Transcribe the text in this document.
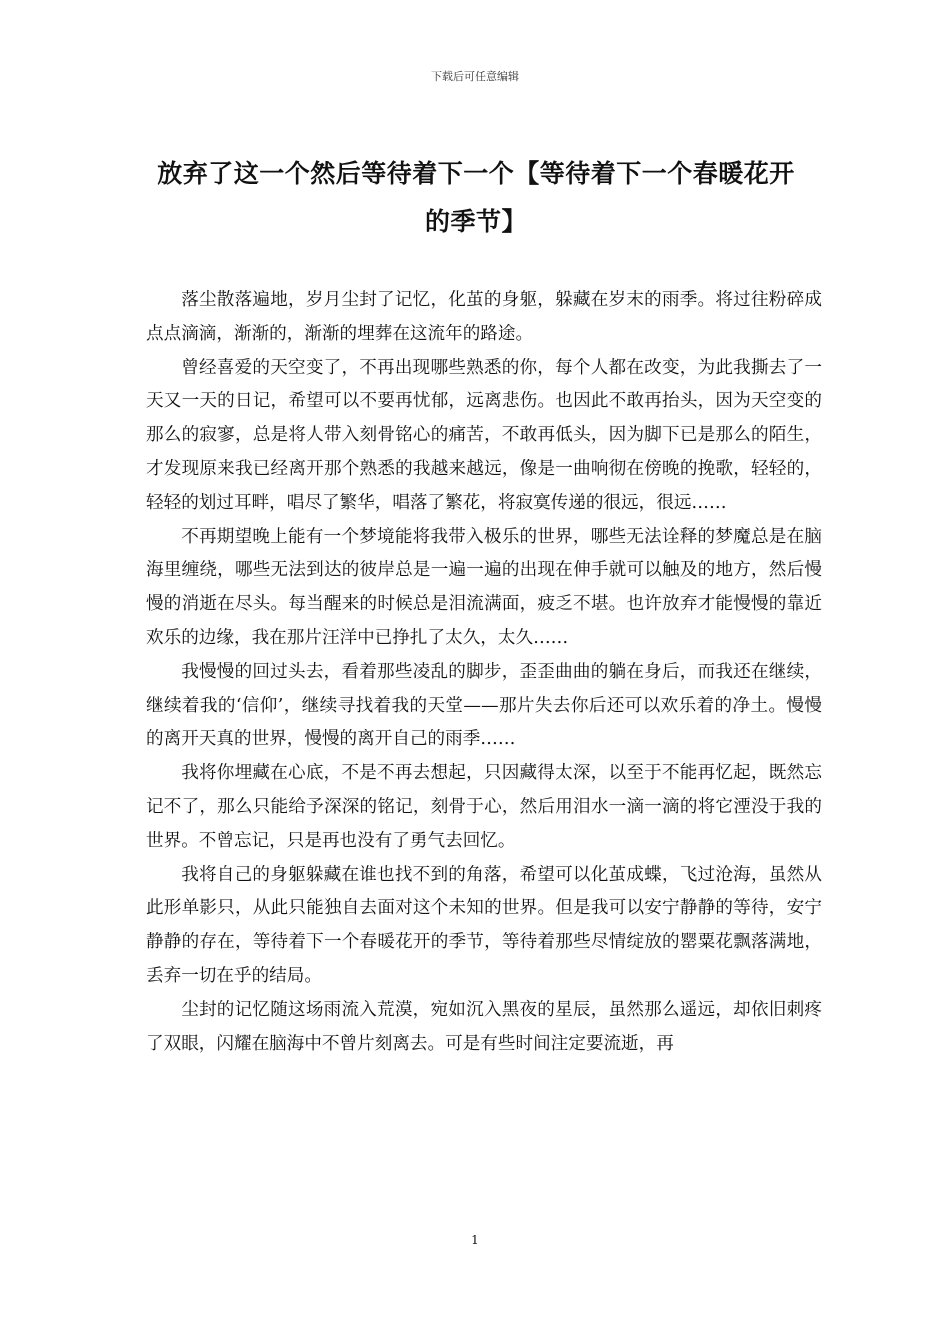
下载后可任意编辑
放弃了这一个然后等待着下一个【等待着下一个春暖花开的季节】

落尘散落遍地，岁月尘封了记忆，化茧的身躯，躲藏在岁末的雨季。将过往粉碎成点点滴滴，渐渐的，渐渐的埋葬在这流年的路途。

曾经喜爱的天空变了，不再出现哪些熟悉的你，每个人都在改变，为此我撕去了一天又一天的日记，希望可以不要再忧郁，远离悲伤。也因此不敢再抬头，因为天空变的那么的寂寥，总是将人带入刻骨铭心的痛苦，不敢再低头，因为脚下已是那么的陌生，才发现原来我已经离开那个熟悉的我越来越远，像是一曲响彻在傍晚的挽歌，轻轻的，轻轻的划过耳畔，唱尽了繁华，唱落了繁花，将寂寞传递的很远，很远……

不再期望晚上能有一个梦境能将我带入极乐的世界，哪些无法诠释的梦魔总是在脑海里缠绕，哪些无法到达的彼岸总是一遍一遍的出现在伸手就可以触及的地方，然后慢慢的消逝在尽头。每当醒来的时候总是泪流满面，疲乏不堪。也许放弃才能慢慢的靠近欢乐的边缘，我在那片汪洋中已挣扎了太久，太久……

我慢慢的回过头去，看着那些凌乱的脚步，歪歪曲曲的躺在身后，而我还在继续，继续着我的‘信仰’，继续寻找着我的天堂——那片失去你后还可以欢乐着的净土。慢慢的离开天真的世界，慢慢的离开自己的雨季……

我将你埋藏在心底，不是不再去想起，只因藏得太深，以至于不能再忆起，既然忘记不了，那么只能给予深深的铭记，刻骨于心，然后用泪水一滴一滴的将它湮没于我的世界。不曾忘记，只是再也没有了勇气去回忆。

我将自己的身躯躲藏在谁也找不到的角落，希望可以化茧成蝶，飞过沧海，虽然从此形单影只，从此只能独自去面对这个未知的世界。但是我可以安宁静静的等待，安宁静静的存在，等待着下一个春暖花开的季节，等待着那些尽情绽放的罂粟花飘落满地，丢弃一切在乎的结局。

尘封的记忆随这场雨流入荒漠，宛如沉入黑夜的星辰，虽然那么遥远，却依旧刺疼了双眼，闪耀在脑海中不曾片刻离去。可是有些时间注定要流逝，再

1
